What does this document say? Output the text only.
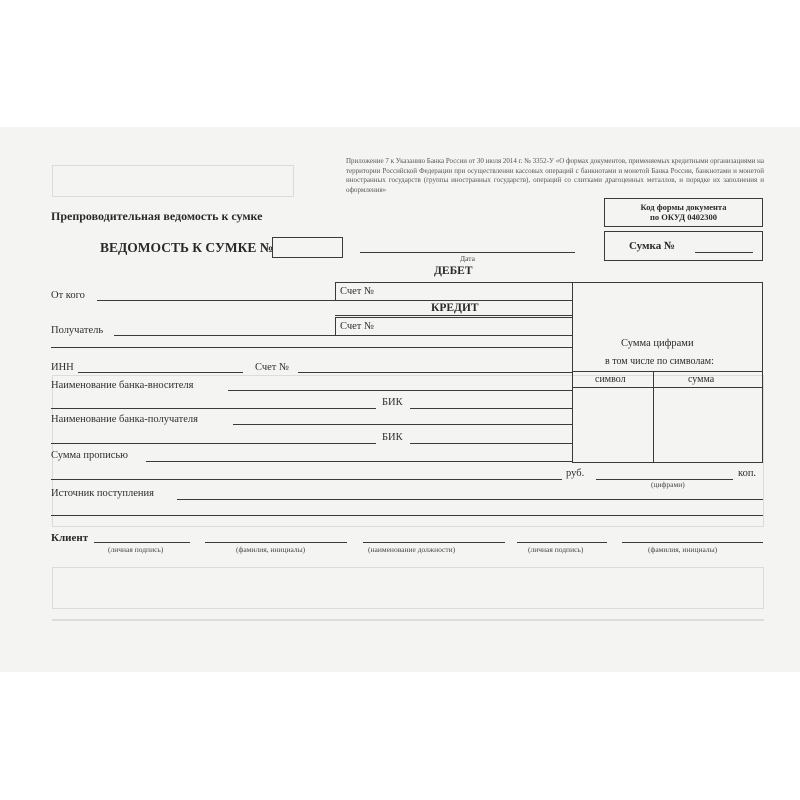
Приложение 7 к Указанию Банка России от 30 июля 2014 г. № 3352-У «О формах документов, применяемых кредитными организациями на территории Российской Федерации при осуществлении кассовых операций с банкнотами и монетой Банка России, банкнотами и монетой иностранных государств (группы иностранных государств), операций со слитками драгоценных металлов, и порядке их заполнения и оформления»
Препроводительная ведомость к сумке
Код формы документа
по ОКУД 0402300
Сумка №
ВЕДОМОСТЬ К СУМКЕ №
Дата
ДЕБЕТ
Сумма цифрами
в том числе по символам:
символ	сумма
От кого	Счет №
КРЕДИТ
Получатель	Счет №
ИНН	Счет №
Наименование банка-вносителя
БИК
Наименование банка-получателя
БИК
Сумма прописью
руб.	коп.
(цифрами)
Источник поступления
Клиент
(личная подпись)	(фамилия, инициалы)	(наименование должности)	(личная подпись)	(фамилия, инициалы)
